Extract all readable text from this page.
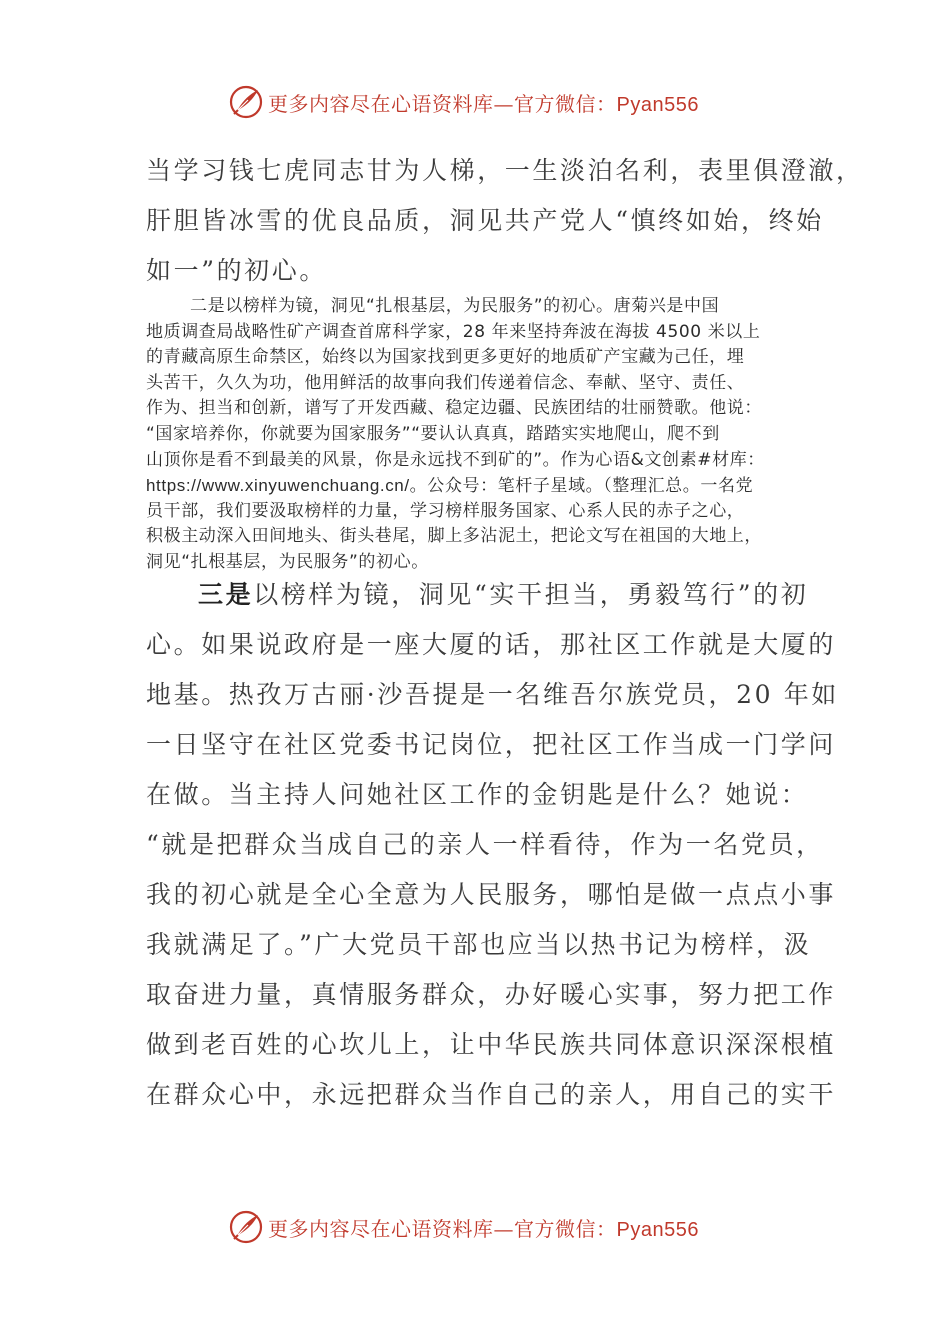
更多内容尽在心语资料库—官方微信：Pyan556
当学习钱七虎同志甘为人梯，一生淡泊名利，表里俱澄澈，
肝胆皆冰雪的优良品质，洞见共产党人“慎终如始，终始
如一”的初心。
二是以榜样为镜，洞见“扎根基层，为民服务”的初心。唐菊兴是中国
地质调查局战略性矿产调查首席科学家，28 年来坚持奔波在海拔 4500 米以上
的青藏高原生命禁区，始终以为国家找到更多更好的地质矿产宝藏为己任，埋
头苦干，久久为功，他用鲜活的故事向我们传递着信念、奉献、坚守、责任、
作为、担当和创新，谱写了开发西藏、稳定边疆、民族团结的壮丽赞歌。他说：
“国家培养你，你就要为国家服务”“要认认真真，踏踏实实地爬山，爬不到
山顶你是看不到最美的风景，你是永远找不到矿的”。作为心语&文创素#材库：
https://www.xinyuwenchuang.cn/。公众号：笔杆子星域。（整理汇总。一名党
员干部，我们要汲取榜样的力量，学习榜样服务国家、心系人民的赤子之心，
积极主动深入田间地头、街头巷尾，脚上多沾泥土，把论文写在祖国的大地上，
洞见“扎根基层，为民服务”的初心。
三是以榜样为镜，洞见“实干担当，勇毅笃行”的初
心。如果说政府是一座大厦的话，那社区工作就是大厦的
地基。热孜万古丽·沙吾提是一名维吾尔族党员，20 年如
一日坚守在社区党委书记岗位，把社区工作当成一门学问
在做。当主持人问她社区工作的金钥匙是什么？她说：
“就是把群众当成自己的亲人一样看待，作为一名党员，
我的初心就是全心全意为人民服务，哪怕是做一点点小事
我就满足了。”广大党员干部也应当以热书记为榜样，汲
取奋进力量，真情服务群众，办好暖心实事，努力把工作
做到老百姓的心坎儿上，让中华民族共同体意识深深根植
在群众心中，永远把群众当作自己的亲人，用自己的实干
更多内容尽在心语资料库—官方微信：Pyan556
